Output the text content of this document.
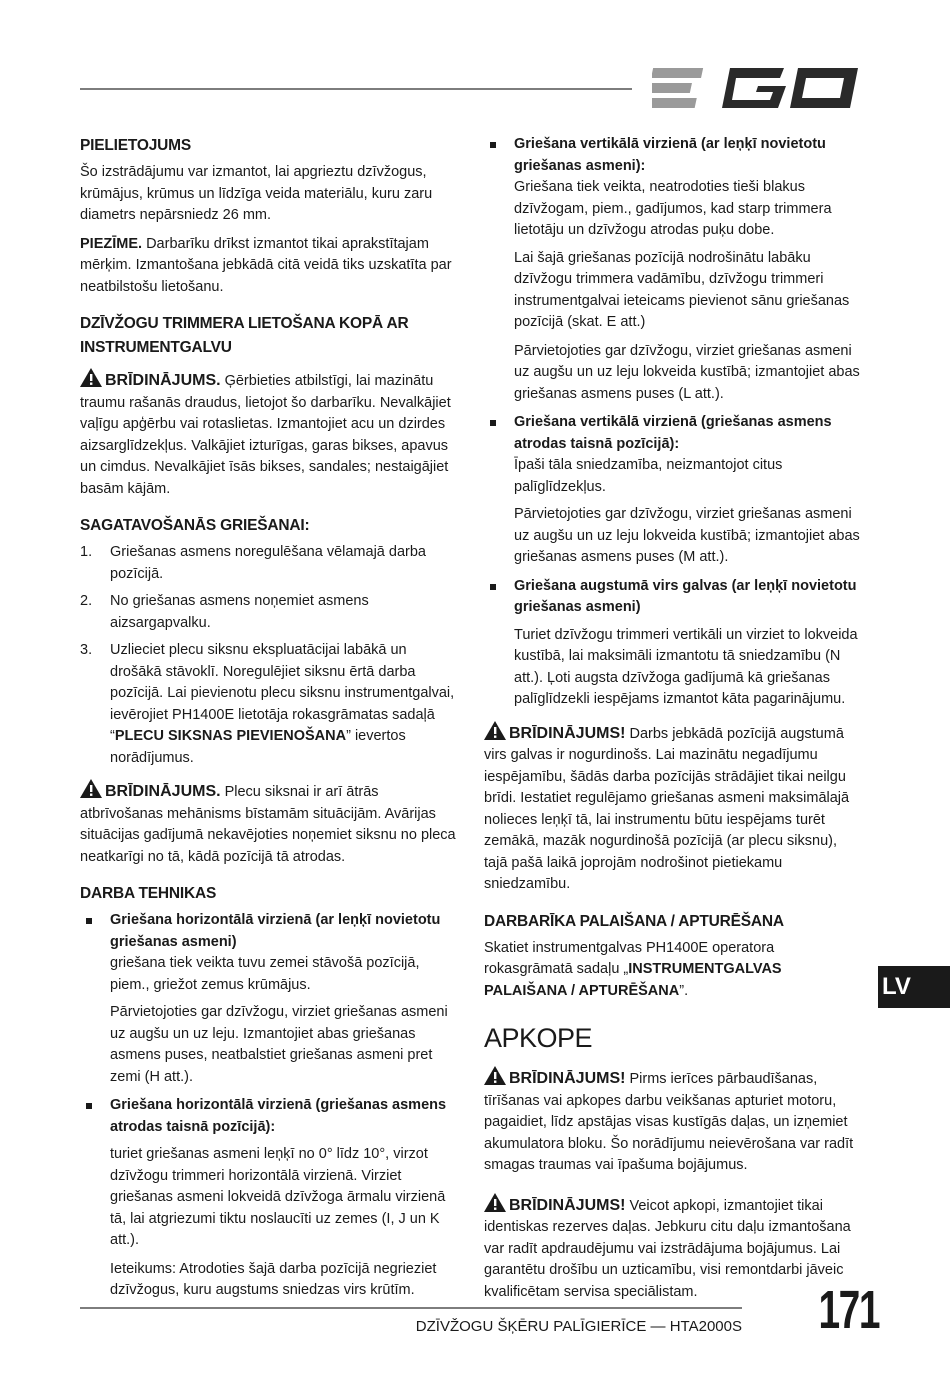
PIELIETOJUMS

Šo izstrādājumu var izmantot, lai apgrieztu dzīvžogus, krūmājus, krūmus un līdzīga veida materiālu, kuru zaru diametrs nepārsniedz 26 mm.

PIEZĪME. Darbarīku drīkst izmantot tikai aprakstītajam mērķim. Izmantošana jebkādā citā veidā tiks uzskatīta par neatbilstošu lietošanu.

DZĪVŽOGU TRIMMERA LIETOŠANA KOPĀ AR INSTRUMENTGALVU

BRĪDINĀJUMS. Ģērbieties atbilstīgi, lai mazinātu traumu rašanās draudus, lietojot šo darbarīku. Nevalkājiet vaļīgu apģērbu vai rotaslietas. Izmantojiet acu un dzirdes aizsarglīdzekļus. Valkājiet izturīgas, garas bikses, apavus un cimdus. Nevalkājiet īsās bikses, sandales; nestaigājiet basām kājām.

SAGATAVOŠANĀS GRIEŠANAI:
1. Griešanas asmens noregulēšana vēlamajā darba pozīcijā.
2. No griešanas asmens noņemiet asmens aizsargapvalku.
3. Uzlieciet plecu siksnu ekspluatācijai labākā un drošākā stāvoklī. Noregulējiet siksnu ērtā darba pozīcijā. Lai pievienotu plecu siksnu instrumentgalvai, ievērojiet PH1400E lietotāja rokasgrāmatas sadaļā “PLECU SIKSNAS PIEVIENOŠANA” ievertos norādījumus.

BRĪDINĀJUMS. Plecu siksnai ir arī ātrās atbrīvošanas mehānisms bīstamām situācijām. Avārijas situācijas gadījumā nekavējoties noņemiet siksnu no pleca neatkarīgi no tā, kādā pozīcijā tā atrodas.

DARBA TEHNIKAS
Griešana horizontālā virzienā (ar leņķī novietotu griešanas asmeni)
griešana tiek veikta tuvu zemei stāvošā pozīcijā, piem., griežot zemus krūmājus.

Pārvietojoties gar dzīvžogu, virziet griešanas asmeni uz augšu un uz leju. Izmantojiet abas griešanas asmens puses, neatbalstiet griešanas asmeni pret zemi (H att.).

Griešana horizontālā virzienā (griešanas asmens atrodas taisnā pozīcijā):

turiet griešanas asmeni leņķī no 0° līdz 10°, virzot dzīvžogu trimmeri horizontālā virzienā. Virziet griešanas asmeni lokveidā dzīvžoga ārmalu virzienā tā, lai atgriezumi tiktu noslaucīti uz zemes (I, J un K att.).

Ieteikums: Atrodoties šajā darba pozīcijā negrieziet dzīvžogus, kuru augstums sniedzas virs krūtīm.

Griešana vertikālā virzienā (ar leņķī novietotu griešanas asmeni):
Griešana tiek veikta, neatrodoties tieši blakus dzīvžogam, piem., gadījumos, kad starp trimmera lietotāju un dzīvžogu atrodas puķu dobe.

Lai šajā griešanas pozīcijā nodrošinātu labāku dzīvžogu trimmera vadāmību, dzīvžogu trimmeri instrumentgalvai ieteicams pievienot sānu griešanas pozīcijā (skat. E att.)

Pārvietojoties gar dzīvžogu, virziet griešanas asmeni uz augšu un uz leju lokveida kustībā; izmantojiet abas griešanas asmens puses (L att.).

Griešana vertikālā virzienā (griešanas asmens atrodas taisnā pozīcijā):
Īpaši tāla sniedzamība, neizmantojot citus palīglīdzekļus.

Pārvietojoties gar dzīvžogu, virziet griešanas asmeni uz augšu un uz leju lokveida kustībā; izmantojiet abas griešanas asmens puses (M att.).

Griešana augstumā virs galvas (ar leņķī novietotu griešanas asmeni)

Turiet dzīvžogu trimmeri vertikāli un virziet to lokveida kustībā, lai maksimāli izmantotu tā sniedzamību (N att.). Ļoti augsta dzīvžoga gadījumā kā griešanas palīglīdzekli iespējams izmantot kāta pagarinājumu.

BRĪDINĀJUMS! Darbs jebkādā pozīcijā augstumā virs galvas ir nogurdinošs. Lai mazinātu negadījumu iespējamību, šādās darba pozīcijās strādājiet tikai neilgu brīdi. Iestatiet regulējamo griešanas asmeni maksimālajā nolieces leņķī tā, lai instrumentu būtu iespējams turēt zemākā, mazāk nogurdinošā pozīcijā (ar plecu siksnu), tajā pašā laikā joprojām nodrošinot pietiekamu sniedzamību.

DARBARĪKA PALAIŠANA / APTURĒŠANA

Skatiet instrumentgalvas PH1400E operatora rokasgrāmatā sadaļu „INSTRUMENTGALVAS PALAIŠANA / APTURĒŠANA”.

APKOPE

BRĪDINĀJUMS! Pirms ierīces pārbaudīšanas, tīrīšanas vai apkopes darbu veikšanas apturiet motoru, pagaidiet, līdz apstājas visas kustīgās daļas, un izņemiet akumulatora bloku. Šo norādījumu neievērošana var radīt smagas traumas vai īpašuma bojājumus.

BRĪDINĀJUMS! Veicot apkopi, izmantojiet tikai identiskas rezerves daļas. Jebkuru citu daļu izmantošana var radīt apdraudējumu vai izstrādājuma bojājumus. Lai garantētu drošību un uzticamību, visi remontdarbi jāveic kvalificētam servisa speciālistam.

LV
DZĪVŽOGU ŠĶĒRU PALĪGIERĪCE — HTA2000S 171
